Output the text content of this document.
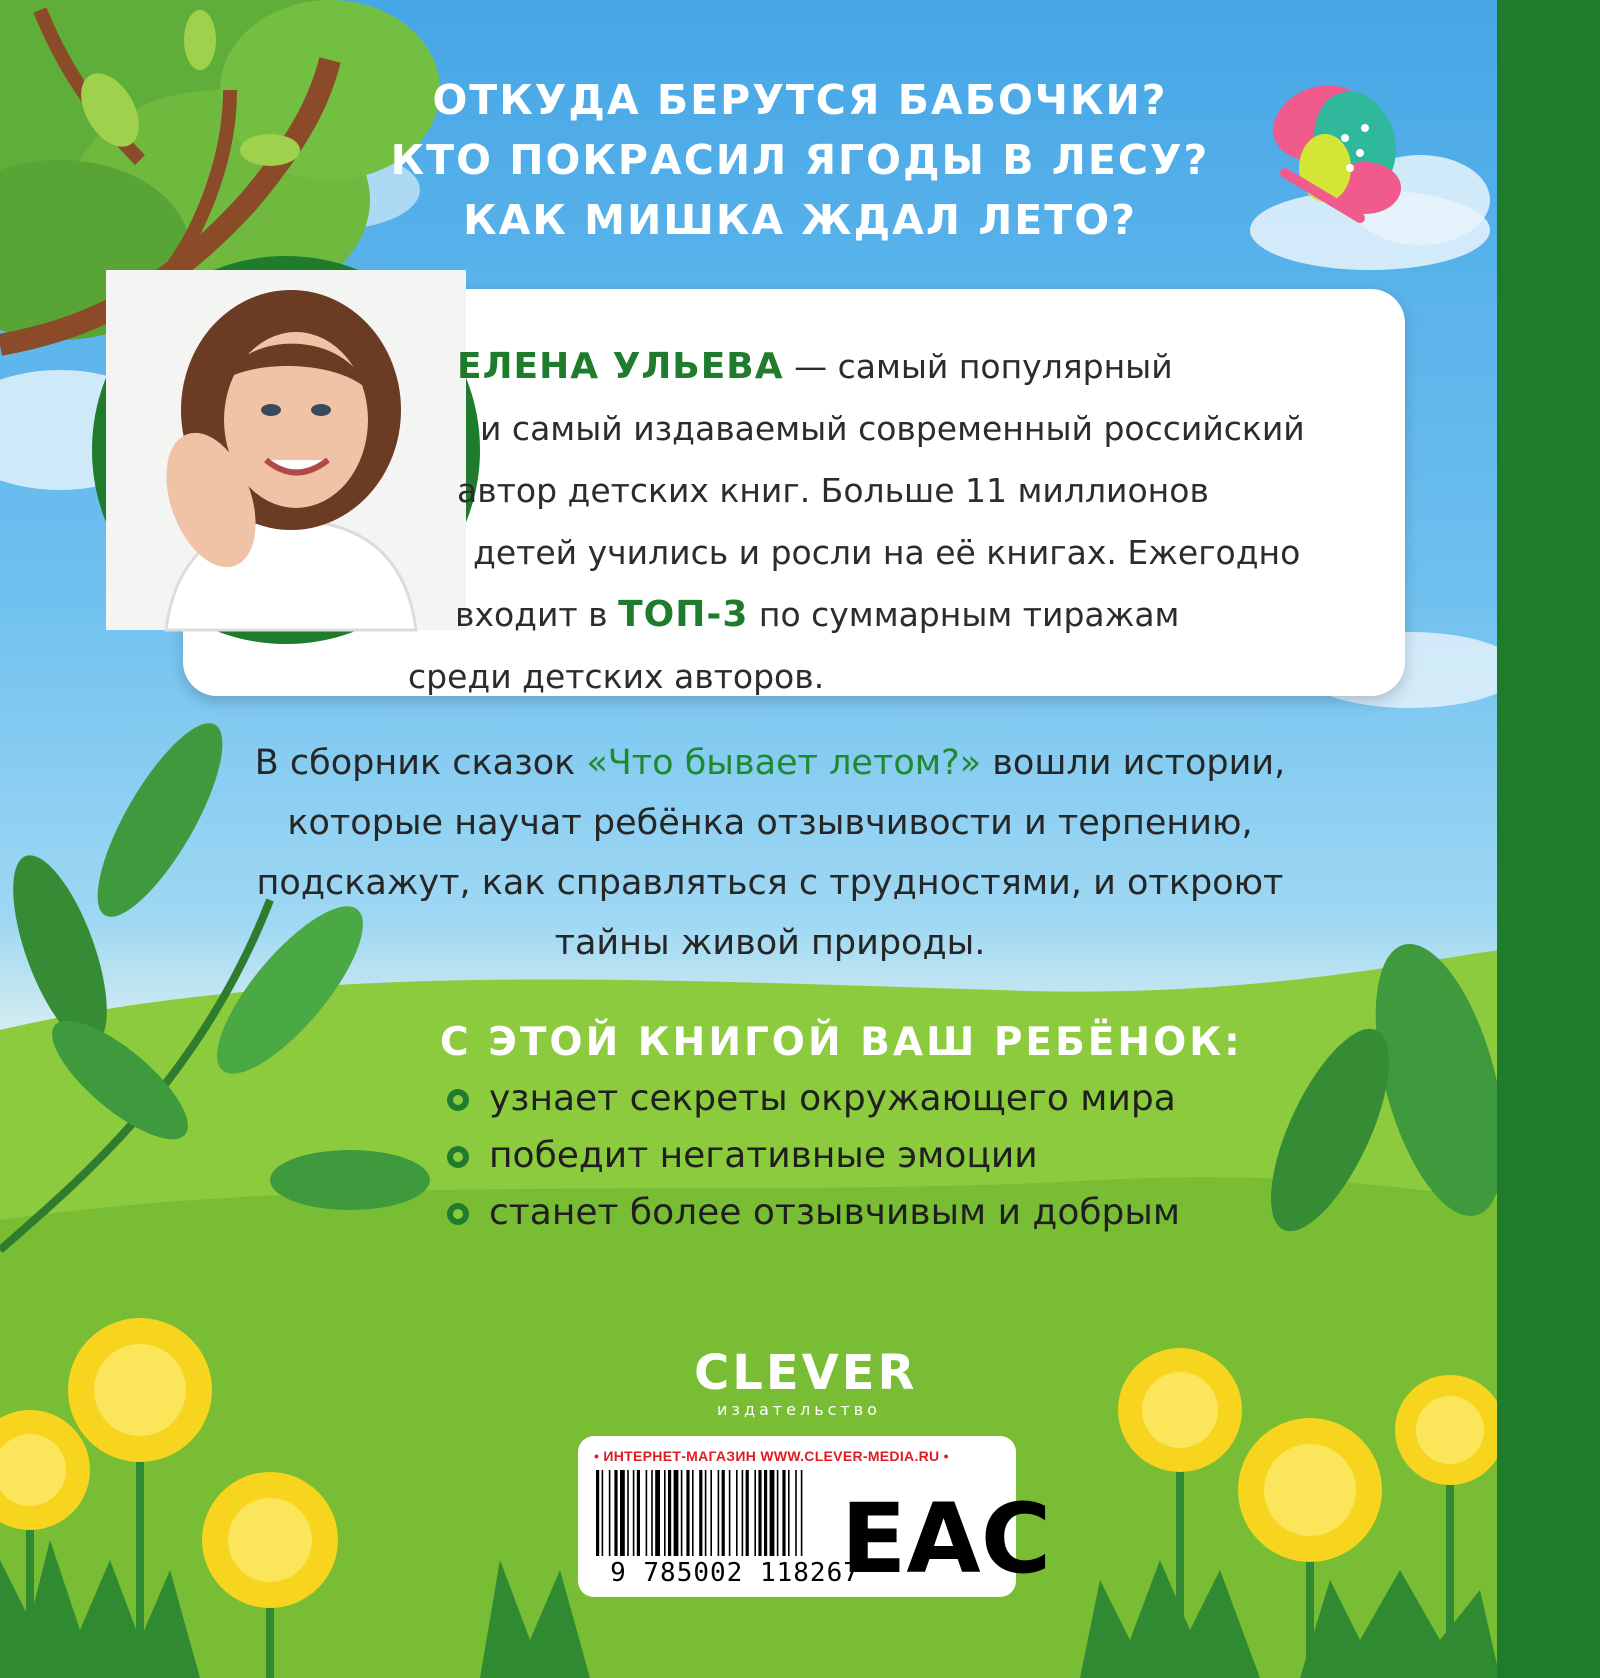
ОТКУДА БЕРУТСЯ БАБОЧКИ?
КТО ПОКРАСИЛ ЯГОДЫ В ЛЕСУ?
КАК МИШКА ЖДАЛ ЛЕТО?
ЕЛЕНА УЛЬЕВА — самый популярный
и самый издаваемый современный российский
автор детских книг. Больше 11 миллионов
детей учились и росли на её книгах. Ежегодно
входит в ТОП-3 по суммарным тиражам
среди детских авторов.
В сборник сказок «Что бывает летом?» вошли истории,
которые научат ребёнка отзывчивости и терпению,
подскажут, как справляться с трудностями, и откроют
тайны живой природы.
С ЭТОЙ КНИГОЙ ВАШ РЕБЁНОК:
узнает секреты окружающего мира
победит негативные эмоции
станет более отзывчивым и добрым
CLEVER
издательство
• ИНТЕРНЕТ-МАГАЗИН WWW.CLEVER-MEDIA.RU •
9 785002 118267
EAC
